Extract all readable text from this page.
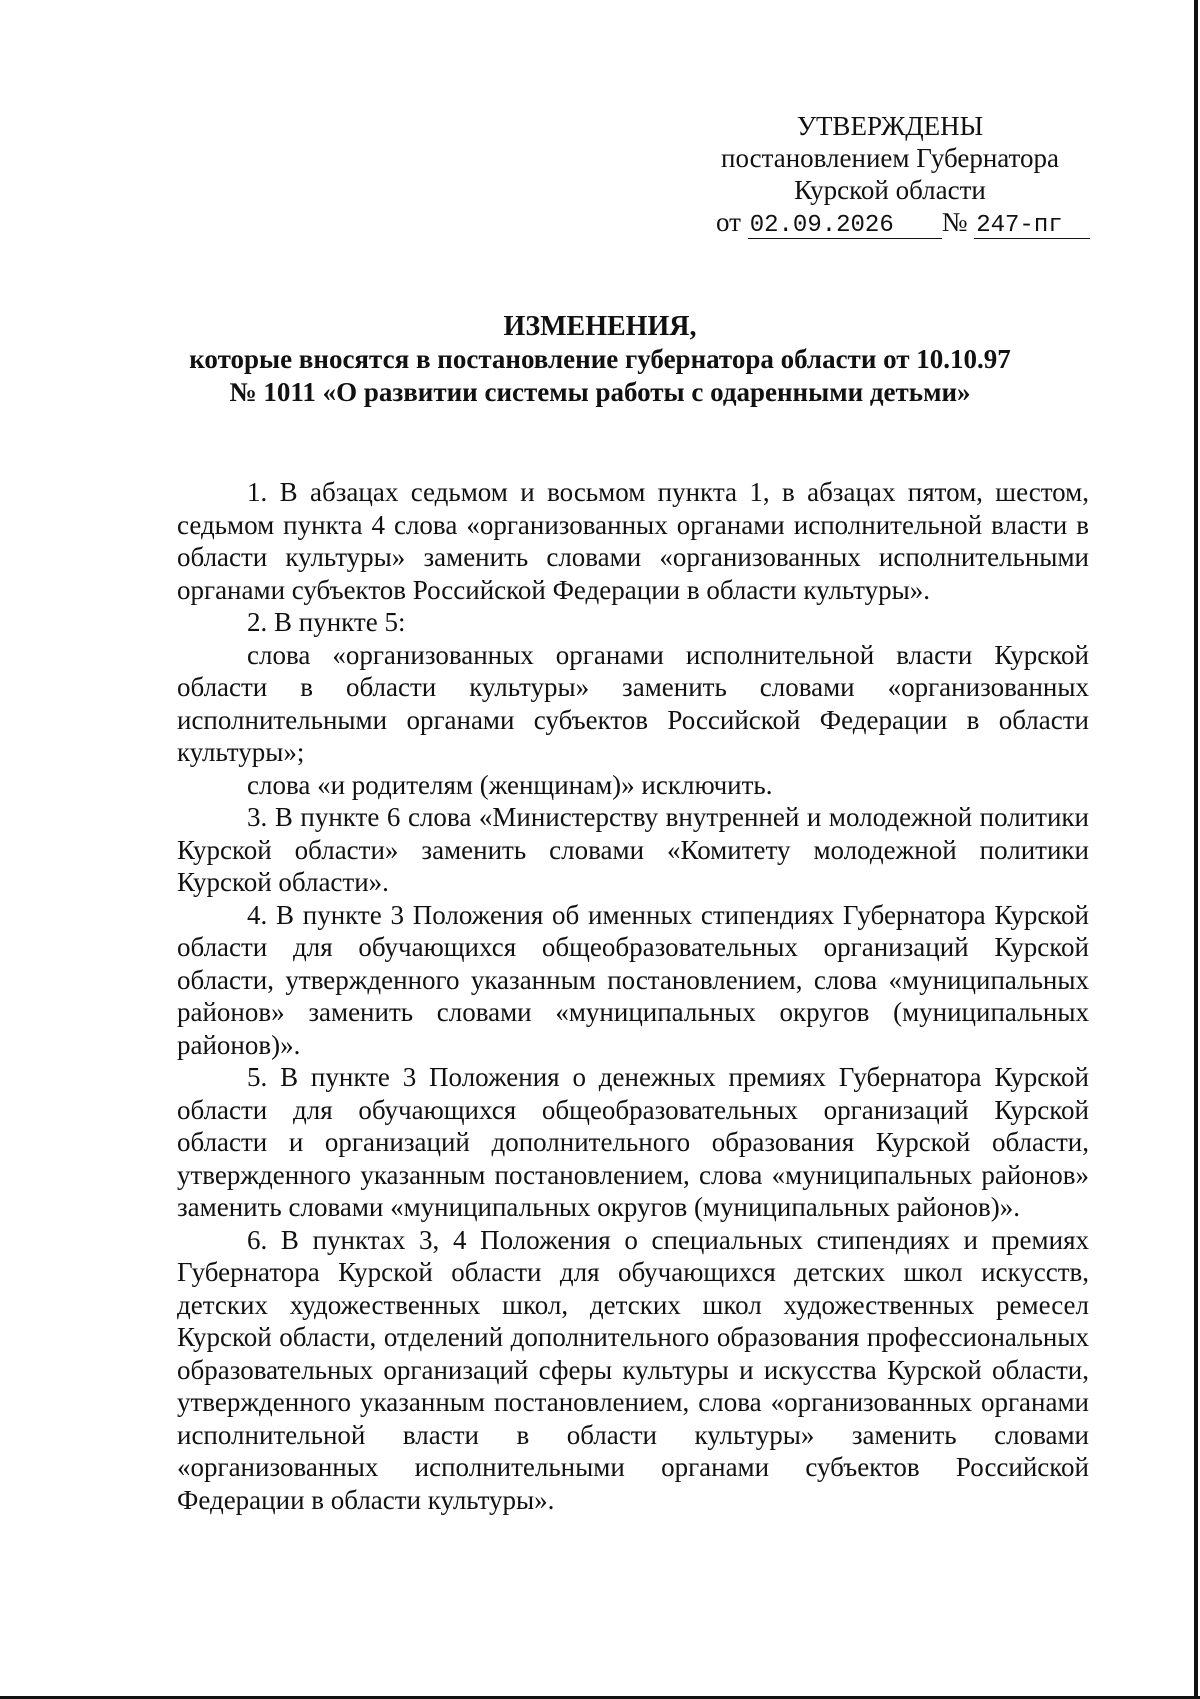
УТВЕРЖДЕНЫ
постановлением Губернатора
Курской области
от 02.09.2026 № 247-пг
ИЗМЕНЕНИЯ,
которые вносятся в постановление губернатора области от 10.10.97
№ 1011 «О развитии системы работы с одаренными детьми»

1. В абзацах седьмом и восьмом пункта 1, в абзацах пятом, шестом, седьмом пункта 4 слова «организованных органами исполнительной власти в области культуры» заменить словами «организованных исполнительными органами субъектов Российской Федерации в области культуры».

2. В пункте 5:

слова «организованных органами исполнительной власти Курской области в области культуры» заменить словами «организованных исполнительными органами субъектов Российской Федерации в области культуры»;

слова «и родителям (женщинам)» исключить.

3. В пункте 6 слова «Министерству внутренней и молодежной политики Курской области» заменить словами «Комитету молодежной политики Курской области».

4. В пункте 3 Положения об именных стипендиях Губернатора Курской области для обучающихся общеобразовательных организаций Курской области, утвержденного указанным постановлением, слова «муниципальных районов» заменить словами «муниципальных округов (муниципальных районов)».

5. В пункте 3 Положения о денежных премиях Губернатора Курской области для обучающихся общеобразовательных организаций Курской области и организаций дополнительного образования Курской области, утвержденного указанным постановлением, слова «муниципальных районов» заменить словами «муниципальных округов (муниципальных районов)».

6. В пунктах 3, 4 Положения о специальных стипендиях и премиях Губернатора Курской области для обучающихся детских школ искусств, детских художественных школ, детских школ художественных ремесел Курской области, отделений дополнительного образования профессиональных образовательных организаций сферы культуры и искусства Курской области, утвержденного указанным постановлением, слова «организованных органами исполнительной власти в области культуры» заменить словами «организованных исполнительными органами субъектов Российской Федерации в области культуры».
